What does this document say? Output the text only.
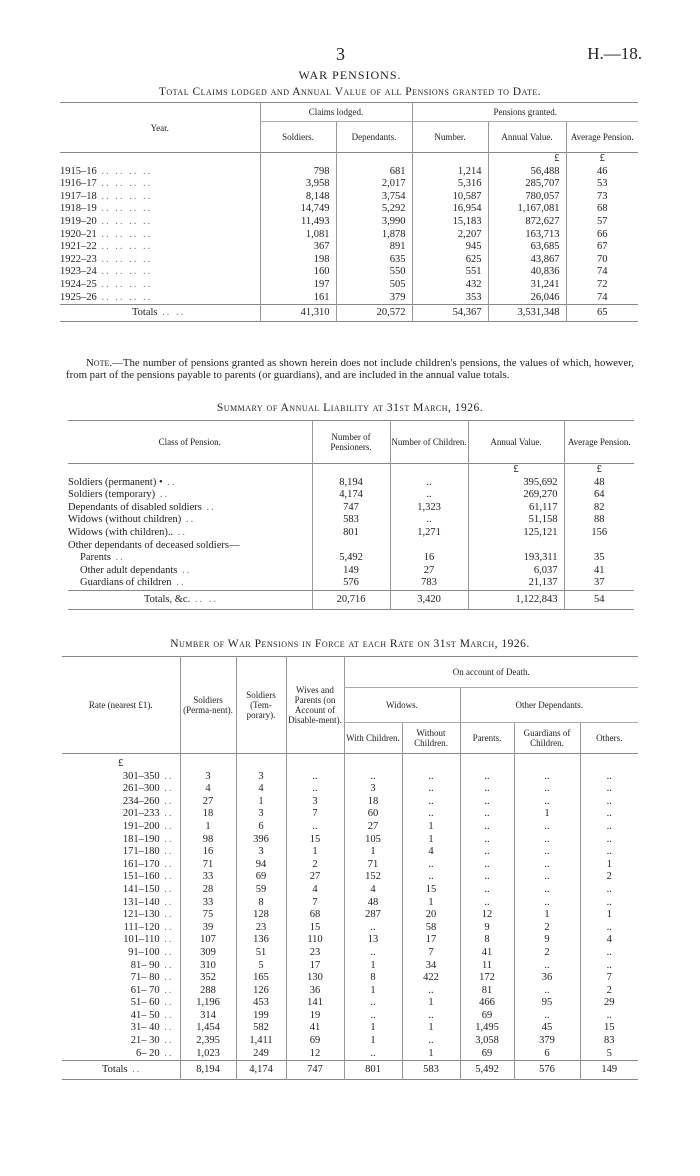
3	H.—18.
WAR PENSIONS.
Total Claims lodged and Annual Value of all Pensions granted to Date.
Year.	Claims lodged.		Pensions granted.		
	Soldiers.	Dependants.	Number.	Annual Value.	Average Pension.
				£	£
1915–16 .. .. .. ..	798	681	1,214	56,488	46
1916–17 .. .. .. ..	3,958	2,017	5,316	285,707	53
1917–18 .. .. .. ..	8,148	3,754	10,587	780,057	73
1918–19 .. .. .. ..	14,749	5,292	16,954	1,167,081	68
1919–20 .. .. .. ..	11,493	3,990	15,183	872,627	57
1920–21 .. .. .. ..	1,081	1,878	2,207	163,713	66
1921–22 .. .. .. ..	367	891	945	63,685	67
1922–23 .. .. .. ..	198	635	625	43,867	70
1923–24 .. .. .. ..	160	550	551	40,836	74
1924–25 .. .. .. ..	197	505	432	31,241	72
1925–26 .. .. .. ..	161	379	353	26,046	74
Totals .. ..	41,310	20,572	54,367	3,531,348	65
Note.—The number of pensions granted as shown herein does not include children's pensions, the values of which, however, from part of the pensions payable to parents (or guardians), and are included in the annual value totals.
Summary of Annual Liability at 31st March, 1926.
Class of Pension.	Number of Pensioners.	Number of Children.	Annual Value.	Average Pension.
			£	£
Soldiers (permanent) • ..	8,194	..	395,692	48
Soldiers (temporary) ..	4,174	..	269,270	64
Dependants of disabled soldiers ..	747	1,323	61,117	82
Widows (without children) ..	583	..	51,158	88
Widows (with children).. ..	801	1,271	125,121	156
Other dependants of deceased soldiers—				
Parents ..	5,492	16	193,311	35
Other adult dependants ..	149	27	6,037	41
Guardians of children ..	576	783	21,137	37
Totals, &c. .. ..	20,716	3,420	1,122,843	54
Number of War Pensions in Force at each Rate on 31st March, 1926.
Rate (nearest £1).	Soldiers (Perma-nent).	Soldiers (Tem-porary).	Wives and Parents (on Account of Disable-ment).	On account of Death.				
				Widows.		Other Dependants.		
				With Children.	Without Children.	Parents.	Guardians of Children.	Others.
£								
301–350 ..	3	3	..	..	..	..	..	..
261–300 ..	4	4	..	3	..	..	..	..
234–260 ..	27	1	3	18	..	..	..	..
201–233 ..	18	3	7	60	..	..	1	..
191–200 ..	1	6	..	27	1	..	..	..
181–190 ..	98	396	15	105	1	..	..	..
171–180 ..	16	3	1	1	4	..	..	..
161–170 ..	71	94	2	71	..	..	..	1
151–160 ..	33	69	27	152	..	..	..	2
141–150 ..	28	59	4	4	15	..	..	..
131–140 ..	33	8	7	48	1	..	..	..
121–130 ..	75	128	68	287	20	12	1	1
111–120 ..	39	23	15	..	58	9	2	..
101–110 ..	107	136	110	13	17	8	9	4
91–100 ..	309	51	23	..	7	41	2	..
81– 90 ..	310	5	17	1	34	11	..	..
71– 80 ..	352	165	130	8	422	172	36	7
61– 70 ..	288	126	36	1	..	81	..	2
51– 60 ..	1,196	453	141	..	1	466	95	29
41– 50 ..	314	199	19	..	..	69	..	..
31– 40 ..	1,454	582	41	1	1	1,495	45	15
21– 30 ..	2,395	1,411	69	1	..	3,058	379	83
6– 20 ..	1,023	249	12	..	1	69	6	5
Totals ..	8,194	4,174	747	801	583	5,492	576	149
